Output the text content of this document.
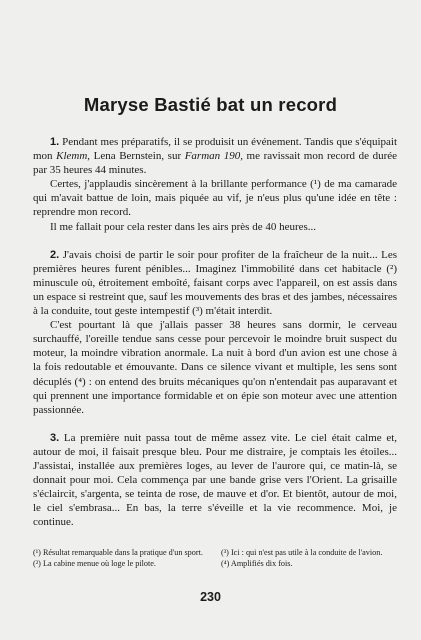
Maryse Bastié bat un record

1. Pendant mes préparatifs, il se produisit un événement. Tandis que s'équipait mon Klemm, Lena Bernstein, sur Farman 190, me ravissait mon record de durée par 35 heures 44 minutes.

Certes, j'applaudis sincèrement à la brillante performance (¹) de ma camarade qui m'avait battue de loin, mais piquée au vif, je n'eus plus qu'une idée en tête : reprendre mon record.

Il me fallait pour cela rester dans les airs près de 40 heures...

2. J'avais choisi de partir le soir pour profiter de la fraîcheur de la nuit... Les premières heures furent pénibles... Imaginez l'immobilité dans cet habitacle (²) minuscule où, étroitement emboîté, faisant corps avec l'appareil, on est assis dans un espace si restreint que, sauf les mouvements des bras et des jambes, nécessaires à la conduite, tout geste intempestif (³) m'était interdit.

C'est pourtant là que j'allais passer 38 heures sans dormir, le cerveau surchauffé, l'oreille tendue sans cesse pour percevoir le moindre bruit suspect du moteur, la moindre vibration anormale. La nuit à bord d'un avion est une chose à la fois redoutable et émouvante. Dans ce silence vivant et multiple, les sens sont décuplés (⁴) : on entend des bruits mécaniques qu'on n'entendait pas auparavant et qui prennent une importance formidable et on épie son moteur avec une attention passionnée.

3. La première nuit passa tout de même assez vite. Le ciel était calme et, autour de moi, il faisait presque bleu. Pour me distraire, je comptais les étoiles... J'assistai, installée aux premières loges, au lever de l'aurore qui, ce matin-là, se donnait pour moi. Cela commença par une bande grise vers l'Orient. La grisaille s'éclaircit, s'argenta, se teinta de rose, de mauve et d'or. Et bientôt, autour de moi, le ciel s'embrasa... En bas, la terre s'éveille et la vie recommence. Moi, je continue.

(¹) Résultat remarquable dans la pratique d'un sport.	(³) Ici : qui n'est pas utile à la conduite de l'avion.
(²) La cabine menue où loge le pilote.	(⁴) Amplifiés dix fois.
230
